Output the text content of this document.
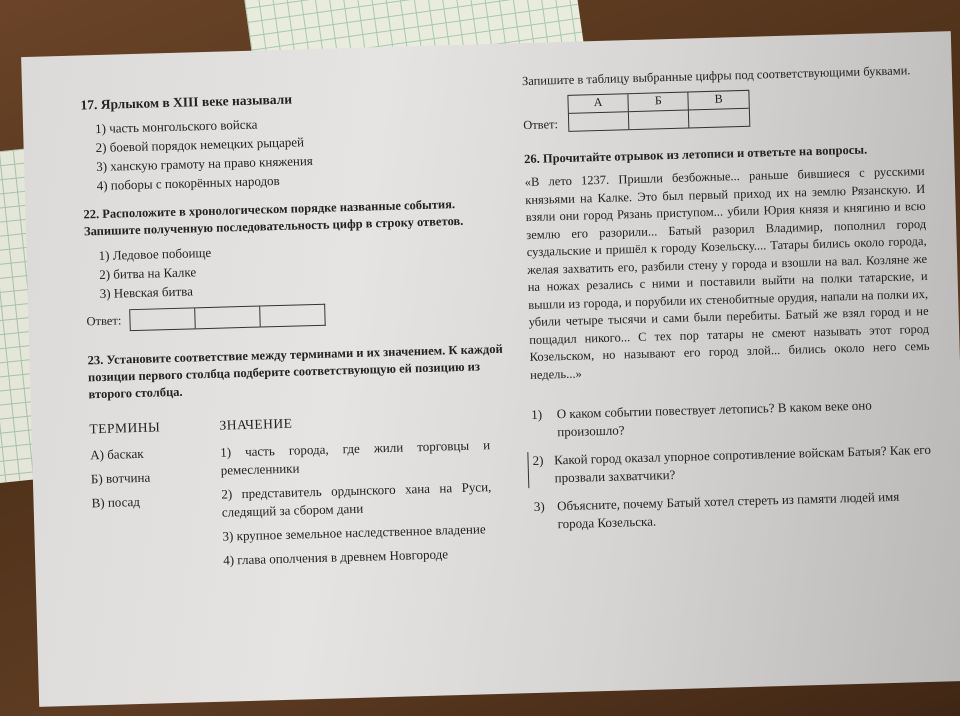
17. Ярлыком в XIII веке называли

1) часть монгольского войска
2) боевой порядок немецких рыцарей
3) ханскую грамоту на право княжения
4) поборы с покорённых народов

22. Расположите в хронологическом порядке названные события. Запишите полученную последовательность цифр в строку ответов.

1) Ледовое побоище
2) битва на Калке
3) Невская битва
Ответ:

23. Установите соответствие между терминами и их значением. К каждой позиции первого столбца подберите соответствующую ей позицию из второго столбца.

ТЕРМИНЫ
А) баскак
Б) вотчина
В) посад
ЗНАЧЕНИЕ
1) часть города, где жили торговцы и ремесленники
2) представитель ордынского хана на Руси, следящий за сбором дани
3) крупное земельное наследственное владение
4) глава ополчения в древнем Новгороде

Запишите в таблицу выбранные цифры под соответствующими буквами.

Ответ:
А	Б	В

26. Прочитайте отрывок из летописи и ответьте на вопросы.

«В лето 1237. Пришли безбожные... раньше бившиеся с русскими князьями на Калке. Это был первый приход их на землю Рязанскую. И взяли они город Рязань приступом... убили Юрия князя и княгиню и всю землю его разорили... Батый разорил Владимир, пополнил город суздальские и пришёл к городу Козельску.... Татары бились около города, желая захватить его, разбили стену у города и взошли на вал. Козляне же на ножах резались с ними и поставили выйти на полки татарские, и вышли из города, и порубили их стенобитные орудия, напали на полки их, убили четыре тысячи и сами были перебиты. Батый же взял город и не пощадил никого... С тех пор татары не смеют называть этот город Козельском, но называют его город злой... бились около него семь недель...»

1)	О каком событии повествует летопись? В каком веке оно произошло?
2) Какой город оказал упорное сопротивление войскам Батыя? Как его прозвали захватчики?
3) Объясните, почему Батый хотел стереть из памяти людей имя города Козельска.
